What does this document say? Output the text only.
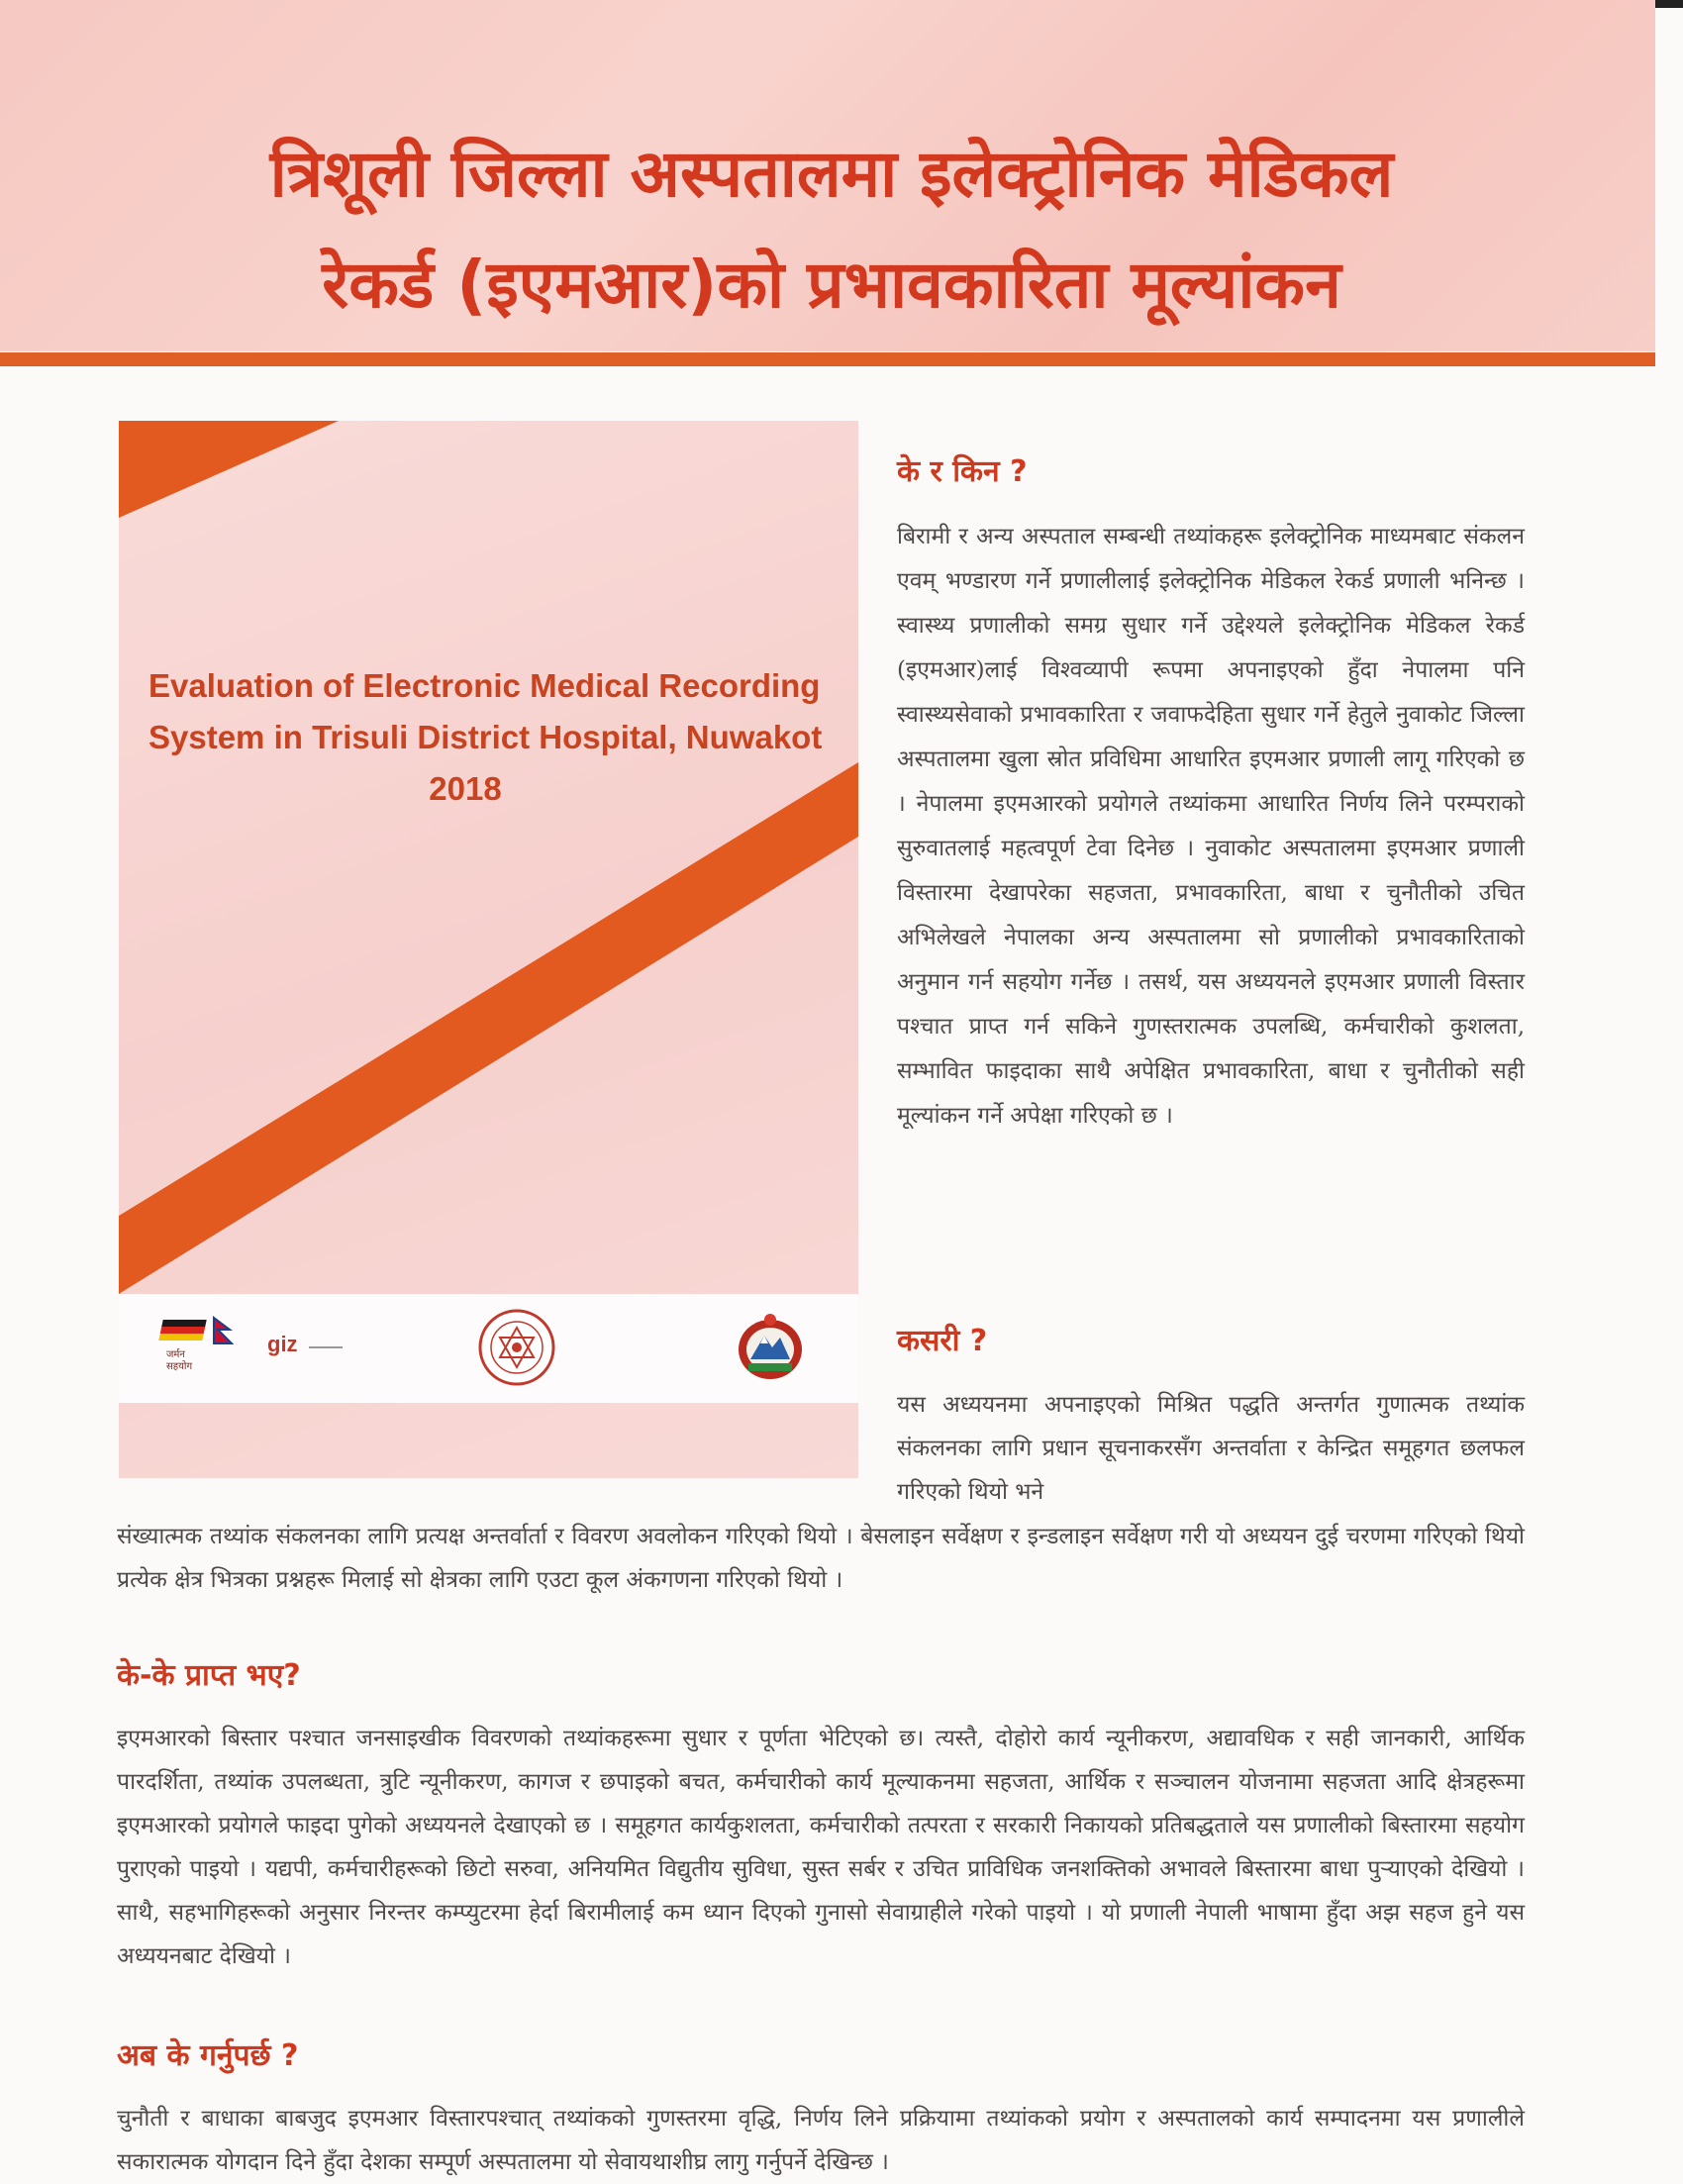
त्रिशूली जिल्ला अस्पतालमा इलेक्ट्रोनिक मेडिकल
रेकर्ड (इएमआर)को प्रभावकारिता मूल्यांकन
Evaluation of Electronic Medical Recording
System in Trisuli District Hospital, Nuwakot
2018
जर्मन
सहयोग
giz
के र किन ?

बिरामी र अन्य अस्पताल सम्बन्धी तथ्यांकहरू इलेक्ट्रोनिक माध्यमबाट संकलन एवम् भण्डारण गर्ने प्रणालीलाई इलेक्ट्रोनिक मेडिकल रेकर्ड प्रणाली भनिन्छ । स्वास्थ्य प्रणालीको समग्र सुधार गर्ने उद्देश्यले इलेक्ट्रोनिक मेडिकल रेकर्ड (इएमआर)लाई विश्वव्यापी रूपमा अपनाइएको हुँदा नेपालमा पनि स्वास्थ्यसेवाको प्रभावकारिता र जवाफदेहिता सुधार गर्ने हेतुले नुवाकोट जिल्ला अस्पतालमा खुला स्रोत प्रविधिमा आधारित इएमआर प्रणाली लागू गरिएको छ । नेपालमा इएमआरको प्रयोगले तथ्यांकमा आधारित निर्णय लिने परम्पराको सुरुवातलाई महत्वपूर्ण टेवा दिनेछ । नुवाकोट अस्पतालमा इएमआर प्रणाली विस्तारमा देखापरेका सहजता, प्रभावकारिता, बाधा र चुनौतीको उचित अभिलेखले नेपालका अन्य अस्पतालमा सो प्रणालीको प्रभावकारिताको अनुमान गर्न सहयोग गर्नेछ । तसर्थ, यस अध्ययनले इएमआर प्रणाली विस्तार पश्चात प्राप्त गर्न सकिने गुणस्तरात्मक उपलब्धि, कर्मचारीको कुशलता, सम्भावित फाइदाका साथै अपेक्षित प्रभावकारिता, बाधा र चुनौतीको सही मूल्यांकन गर्ने अपेक्षा गरिएको छ ।

कसरी ?

यस अध्ययनमा अपनाइएको मिश्रित पद्धति अन्तर्गत गुणात्मक तथ्यांक संकलनका लागि प्रधान सूचनाकरसँग अन्तर्वाता र केन्द्रित समूहगत छलफल गरिएको थियो भने

संख्यात्मक तथ्यांक संकलनका लागि प्रत्यक्ष अन्तर्वार्ता र विवरण अवलोकन गरिएको थियो । बेसलाइन सर्वेक्षण र इन्डलाइन सर्वेक्षण गरी यो अध्ययन दुई चरणमा गरिएको थियो प्रत्येक क्षेत्र भित्रका प्रश्नहरू मिलाई सो क्षेत्रका लागि एउटा कूल अंकगणना गरिएको थियो ।

के-के प्राप्त भए?

इएमआरको बिस्तार पश्चात जनसाइखीक विवरणको तथ्यांकहरूमा सुधार र पूर्णता भेटिएको छ। त्यस्तै, दोहोरो कार्य न्यूनीकरण, अद्यावधिक र सही जानकारी, आर्थिक पारदर्शिता, तथ्यांक उपलब्धता, त्रुटि न्यूनीकरण, कागज र छपाइको बचत, कर्मचारीको कार्य मूल्याकनमा सहजता, आर्थिक र सञ्चालन योजनामा सहजता आदि क्षेत्रहरूमा इएमआरको प्रयोगले फाइदा पुगेको अध्ययनले देखाएको छ । समूहगत कार्यकुशलता, कर्मचारीको तत्परता र सरकारी निकायको प्रतिबद्धताले यस प्रणालीको बिस्तारमा सहयोग पुराएको पाइयो । यद्यपी, कर्मचारीहरूको छिटो सरुवा, अनियमित विद्युतीय सुविधा, सुस्त सर्बर र उचित प्राविधिक जनशक्तिको अभावले बिस्तारमा बाधा पुऱ्याएको देखियो । साथै, सहभागिहरूको अनुसार निरन्तर कम्प्युटरमा हेर्दा बिरामीलाई कम ध्यान दिएको गुनासो सेवाग्राहीले गरेको पाइयो । यो प्रणाली नेपाली भाषामा हुँदा अझ सहज हुने यस अध्ययनबाट देखियो ।

अब के गर्नुपर्छ ?

चुनौती र बाधाका बाबजुद इएमआर विस्तारपश्चात् तथ्यांकको गुणस्तरमा वृद्धि, निर्णय लिने प्रक्रियामा तथ्यांकको प्रयोग र अस्पतालको कार्य सम्पादनमा यस प्रणालीले सकारात्मक योगदान दिने हुँदा देशका सम्पूर्ण अस्पतालमा यो सेवायथाशीघ्र लागु गर्नुपर्ने देखिन्छ ।
